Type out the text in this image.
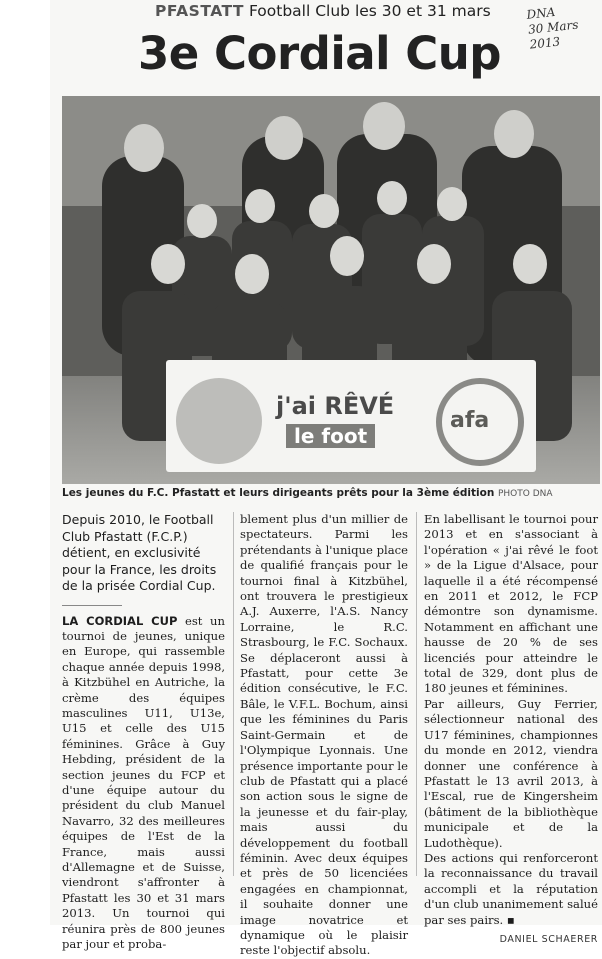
PFASTATT Football Club les 30 et 31 mars
3e Cordial Cup
DNA
30 Mars
2013
j'ai RÊVÉ
le foot
afa
Les jeunes du F.C. Pfastatt et leurs dirigeants prêts pour la 3ème édition PHOTO DNA

Depuis 2010, le Football Club Pfastatt (F.C.P.) détient, en exclusivité pour la France, les droits de la prisée Cordial Cup.

LA CORDIAL CUP est un tournoi de jeunes, unique en Europe, qui rassemble chaque année depuis 1998, à Kitzbühel en Autriche, la crème des équipes masculines U11, U13e, U15 et celle des U15 féminines. Grâce à Guy Hebding, président de la section jeunes du FCP et d'une équipe autour du président du club Manuel Navarro, 32 des meilleures équipes de l'Est de la France, mais aussi d'Allemagne et de Suisse, viendront s'affronter à Pfastatt les 30 et 31 mars 2013. Un tournoi qui réunira près de 800 jeunes par jour et proba-

blement plus d'un millier de spectateurs. Parmi les prétendants à l'unique place de qualifié français pour le tournoi final à Kitzbühel, ont trouvera le prestigieux A.J. Auxerre, l'A.S. Nancy Lorraine, le R.C. Strasbourg, le F.C. Sochaux. Se déplaceront aussi à Pfastatt, pour cette 3e édition consécutive, le F.C. Bâle, le V.F.L. Bochum, ainsi que les féminines du Paris Saint-Germain et de l'Olympique Lyonnais. Une présence importante pour le club de Pfastatt qui a placé son action sous le signe de la jeunesse et du fair-play, mais aussi du développement du football féminin. Avec deux équipes et près de 50 licenciées engagées en championnat, il souhaite donner une image novatrice et dynamique où le plaisir reste l'objectif absolu.

En labellisant le tournoi pour 2013 et en s'associant à l'opération « j'ai rêvé le foot » de la Ligue d'Alsace, pour laquelle il a été récompensé en 2011 et 2012, le FCP démontre son dynamisme. Notamment en affichant une hausse de 20 % de ses licenciés pour atteindre le total de 329, dont plus de 180 jeunes et féminines.

Par ailleurs, Guy Ferrier, sélectionneur national des U17 féminines, championnes du monde en 2012, viendra donner une conférence à Pfastatt le 13 avril 2013, à l'Escal, rue de Kingersheim (bâtiment de la bibliothèque municipale et de la Ludothèque).

Des actions qui renforceront la reconnaissance du travail accompli et la réputation d'un club unanimement salué par ses pairs. ▪

DANIEL SCHAERER
